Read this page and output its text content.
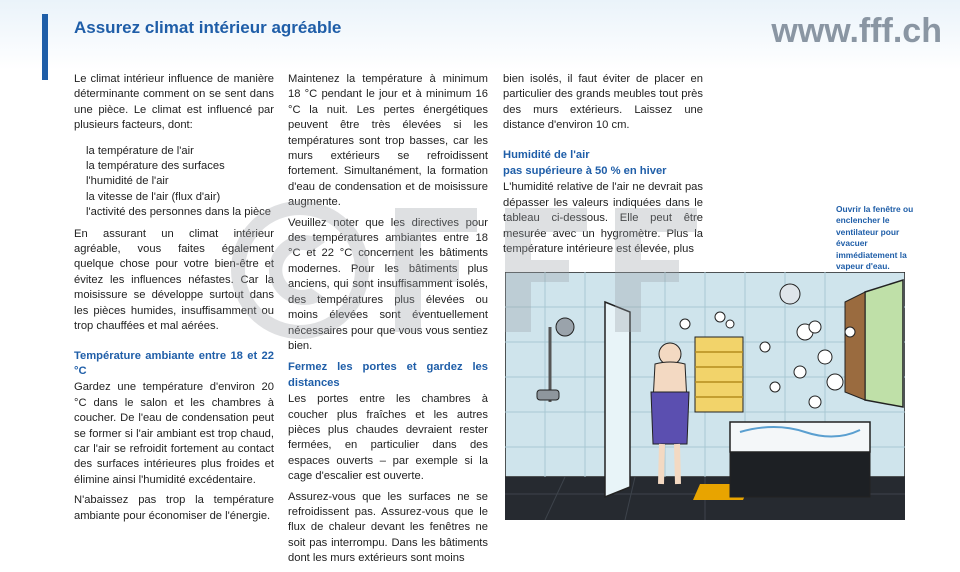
Assurez climat intérieur agréable	www.fff.ch

Le climat intérieur influence de manière déterminante comment on se sent dans une pièce. Le climat est influencé par plusieurs facteurs, dont:

la température de l'air
la température des surfaces
l'humidité de l'air
la vitesse de l'air (flux d'air)
l'activité des personnes dans la pièce

En assurant un climat intérieur agréable, vous faites également quelque chose pour votre bien-être et évitez les influences néfastes. Car la moisissure se développe surtout dans les pièces humides, insuffisamment ou trop chauffées et mal aérées.

Température ambiante entre 18 et 22 °C

Gardez une température d'environ 20 °C dans le salon et les chambres à coucher. De l'eau de condensation peut se former si l'air ambiant est trop chaud, car l'air se refroidit fortement au contact des surfaces intérieures plus froides et élimine ainsi l'humidité excédentaire.

N'abaissez pas trop la température ambiante pour économiser de l'énergie.

Maintenez la température à minimum 18 °C pendant le jour et à minimum 16 °C la nuit. Les pertes énergétiques peuvent être très élevées si les températures sont trop basses, car les murs extérieurs se refroidissent fortement. Simultanément, la formation d'eau de condensation et de moisissure augmente.

Veuillez noter que les directives pour des températures ambiantes entre 18 °C et 22 °C concernent les bâtiments modernes. Pour les bâtiments plus anciens, qui sont insuffisamment isolés, des températures plus élevées ou moins élevées sont éventuellement nécessaires pour que vous vous sentiez bien.

Fermez les portes et gardez les distances

Les portes entre les chambres à coucher plus fraîches et les autres pièces plus chaudes devraient rester fermées, en particulier dans des espaces ouverts – par exemple si la cage d'escalier est ouverte.

Assurez-vous que les surfaces ne se refroidissent pas. Assurez-vous que le flux de chaleur devant les fenêtres ne soit pas interrompu. Dans les bâtiments dont les murs extérieurs sont moins

bien isolés, il faut éviter de placer en particulier des grands meubles tout près des murs extérieurs. Laissez une distance d'environ 10 cm.

Humidité de l'air
pas supérieure à 50 % en hiver

L'humidité relative de l'air ne devrait pas dépasser les valeurs indiquées dans le tableau ci-dessous. Elle peut être mesurée avec un hygromètre. Plus la température intérieure est élevée, plus

Ouvrir la fenêtre ou enclencher le ventilateur pour évacuer immédiatement la vapeur d'eau.
